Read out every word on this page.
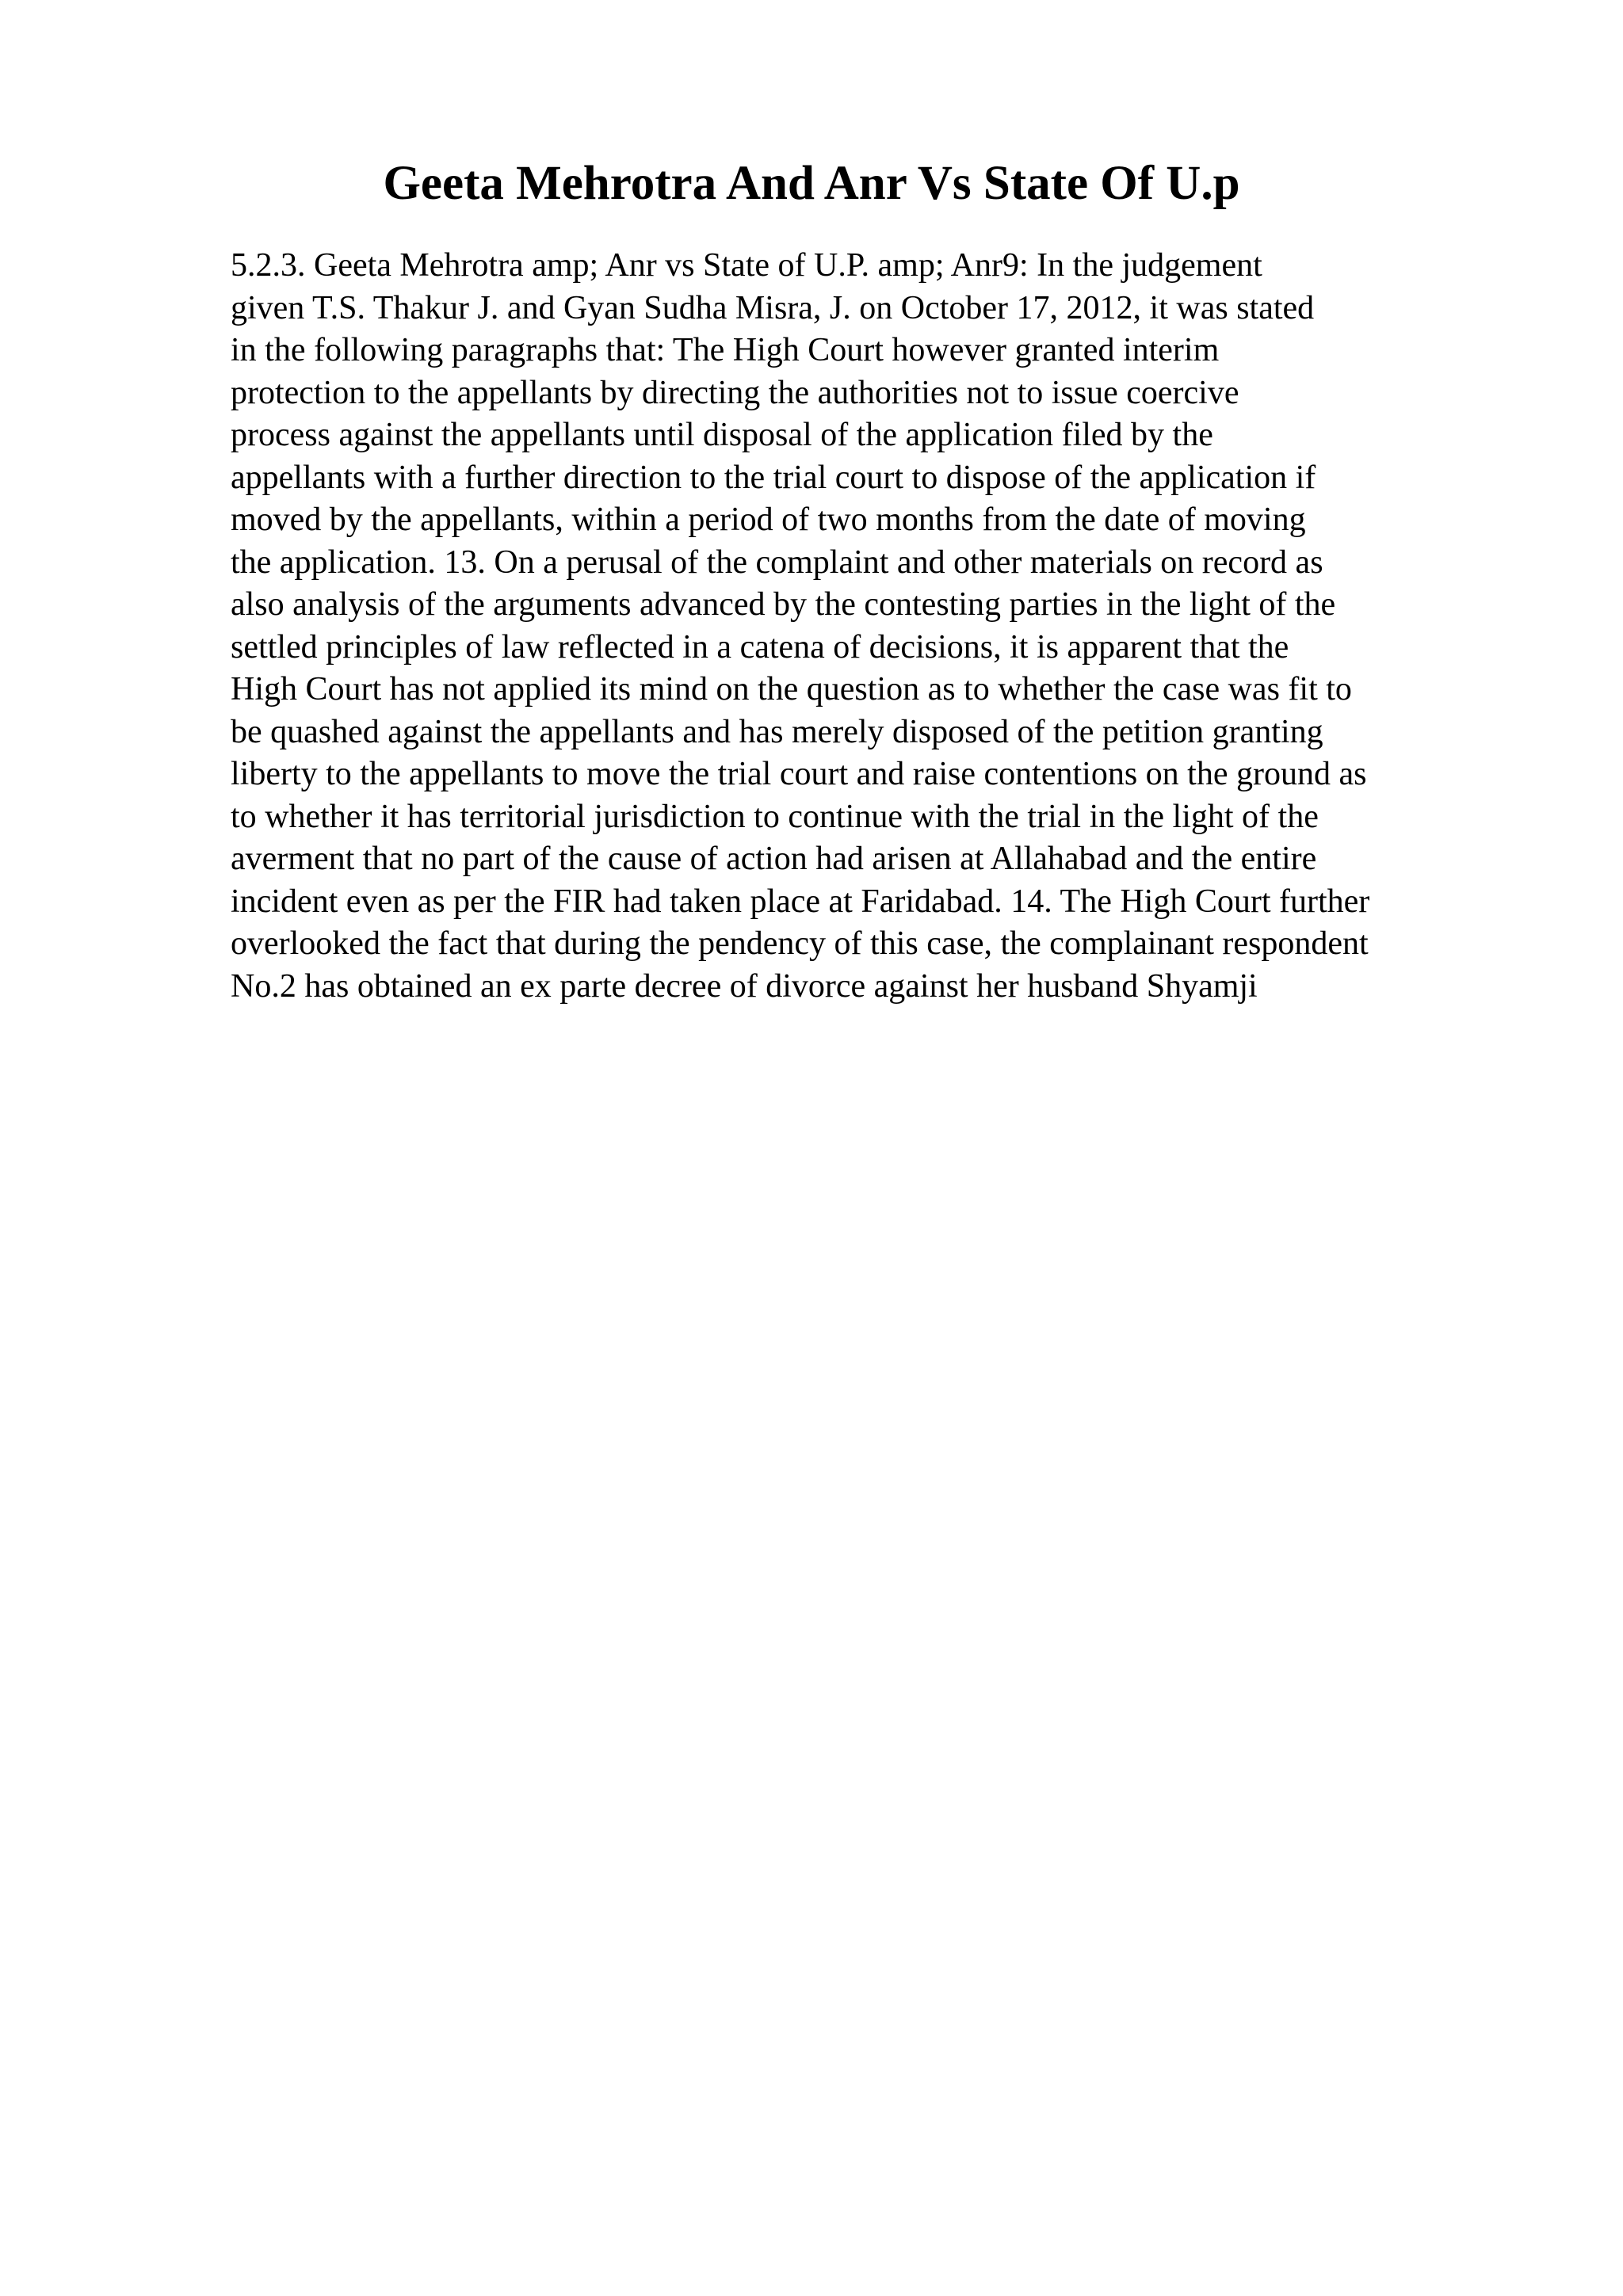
Geeta Mehrotra And Anr Vs State Of U.p
5.2.3. Geeta Mehrotra amp; Anr vs State of U.P. amp; Anr9: In the judgement
given T.S. Thakur J. and Gyan Sudha Misra, J. on October 17, 2012, it was stated
in the following paragraphs that: The High Court however granted interim
protection to the appellants by directing the authorities not to issue coercive
process against the appellants until disposal of the application filed by the
appellants with a further direction to the trial court to dispose of the application if
moved by the appellants, within a period of two months from the date of moving
the application. 13. On a perusal of the complaint and other materials on record as
also analysis of the arguments advanced by the contesting parties in the light of the
settled principles of law reflected in a catena of decisions, it is apparent that the
High Court has not applied its mind on the question as to whether the case was fit to
be quashed against the appellants and has merely disposed of the petition granting
liberty to the appellants to move the trial court and raise contentions on the ground as
to whether it has territorial jurisdiction to continue with the trial in the light of the
averment that no part of the cause of action had arisen at Allahabad and the entire
incident even as per the FIR had taken place at Faridabad. 14. The High Court further
overlooked the fact that during the pendency of this case, the complainant respondent
No.2 has obtained an ex parte decree of divorce against her husband Shyamji
